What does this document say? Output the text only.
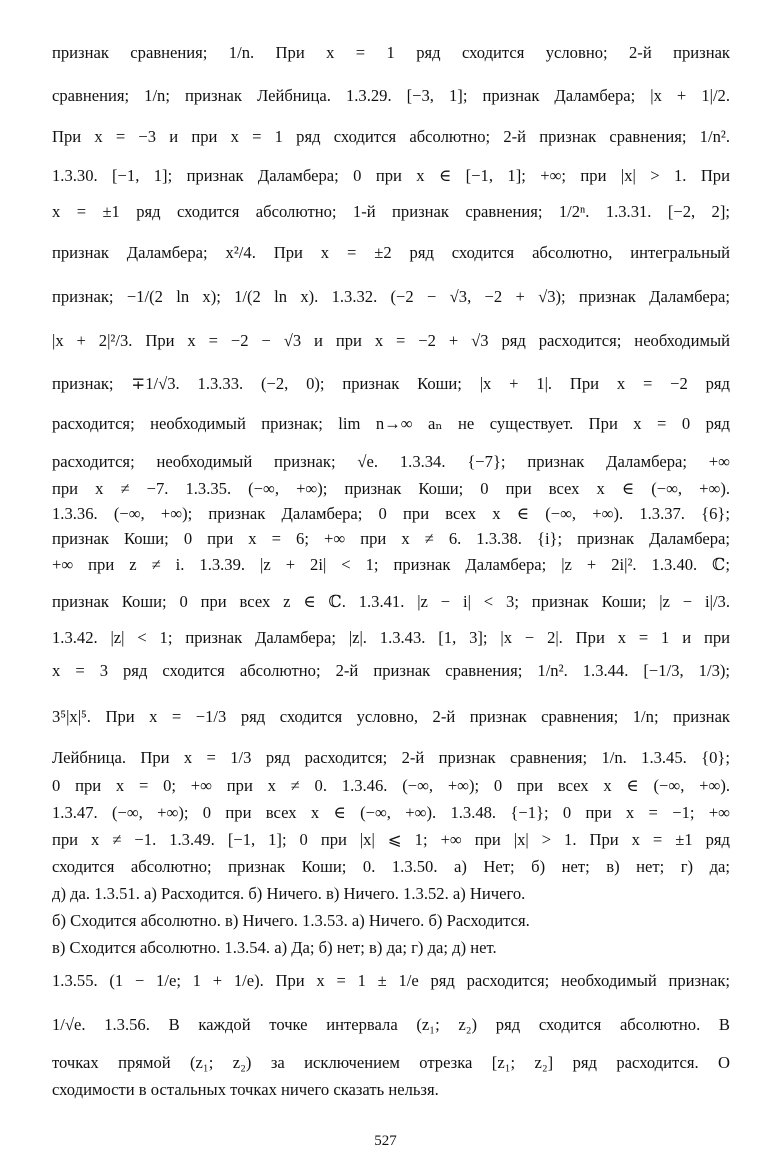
признак сравнения; 1/n. При x = 1 ряд сходится условно; 2-й признак
сравнения; 1/n; признак Лейбница. 1.3.29. [−3, 1]; признак Даламбера; |x + 1|/2.
При x = −3 и при x = 1 ряд сходится абсолютно; 2-й признак сравнения; 1/n².
1.3.30. [−1, 1]; признак Даламбера; 0 при x ∈ [−1, 1]; +∞; при |x| > 1. При
x = ±1 ряд сходится абсолютно; 1-й признак сравнения; 1/2ⁿ. 1.3.31. [−2, 2];
признак Даламбера; x²/4. При x = ±2 ряд сходится абсолютно, интегральный
признак; −1/(2 ln x); 1/(2 ln x). 1.3.32. (−2 − √3, −2 + √3); признак Даламбера;
|x + 2|²/3. При x = −2 − √3 и при x = −2 + √3 ряд расходится; необходимый
признак; ∓1/√3. 1.3.33. (−2, 0); признак Коши; |x + 1|. При x = −2 ряд
расходится; необходимый признак; lim n→∞ aₙ не существует. При x = 0 ряд
расходится; необходимый признак; √e. 1.3.34. {−7}; признак Даламбера; +∞
при x ≠ −7. 1.3.35. (−∞, +∞); признак Коши; 0 при всех x ∈ (−∞, +∞).
1.3.36. (−∞, +∞); признак Даламбера; 0 при всех x ∈ (−∞, +∞). 1.3.37. {6};
признак Коши; 0 при x = 6; +∞ при x ≠ 6. 1.3.38. {i}; признак Даламбера;
+∞ при z ≠ i. 1.3.39. |z + 2i| < 1; признак Даламбера; |z + 2i|². 1.3.40. ℂ;
признак Коши; 0 при всех z ∈ ℂ. 1.3.41. |z − i| < 3; признак Коши; |z − i|/3.
1.3.42. |z| < 1; признак Даламбера; |z|. 1.3.43. [1, 3]; |x − 2|. При x = 1 и при
x = 3 ряд сходится абсолютно; 2-й признак сравнения; 1/n². 1.3.44. [−1/3, 1/3);
3⁵|x|⁵. При x = −1/3 ряд сходится условно, 2-й признак сравнения; 1/n; признак
Лейбница. При x = 1/3 ряд расходится; 2-й признак сравнения; 1/n. 1.3.45. {0};
0 при x = 0; +∞ при x ≠ 0. 1.3.46. (−∞, +∞); 0 при всех x ∈ (−∞, +∞).
1.3.47. (−∞, +∞); 0 при всех x ∈ (−∞, +∞). 1.3.48. {−1}; 0 при x = −1; +∞
при x ≠ −1. 1.3.49. [−1, 1]; 0 при |x| ⩽ 1; +∞ при |x| > 1. При x = ±1 ряд
сходится абсолютно; признак Коши; 0. 1.3.50. а) Нет; б) нет; в) нет; г) да;
д) да. 1.3.51. а) Расходится. б) Ничего. в) Ничего. 1.3.52. а) Ничего.
б) Сходится абсолютно. в) Ничего. 1.3.53. а) Ничего. б) Расходится.
в) Сходится абсолютно. 1.3.54. а) Да; б) нет; в) да; г) да; д) нет.
1.3.55. (1 − 1/e; 1 + 1/e). При x = 1 ± 1/e ряд расходится; необходимый признак;
1/√e. 1.3.56. В каждой точке интервала (z₁; z₂) ряд сходится абсолютно. В
точках прямой (z₁; z₂) за исключением отрезка [z₁; z₂] ряд расходится. О
сходимости в остальных точках ничего сказать нельзя.
527
